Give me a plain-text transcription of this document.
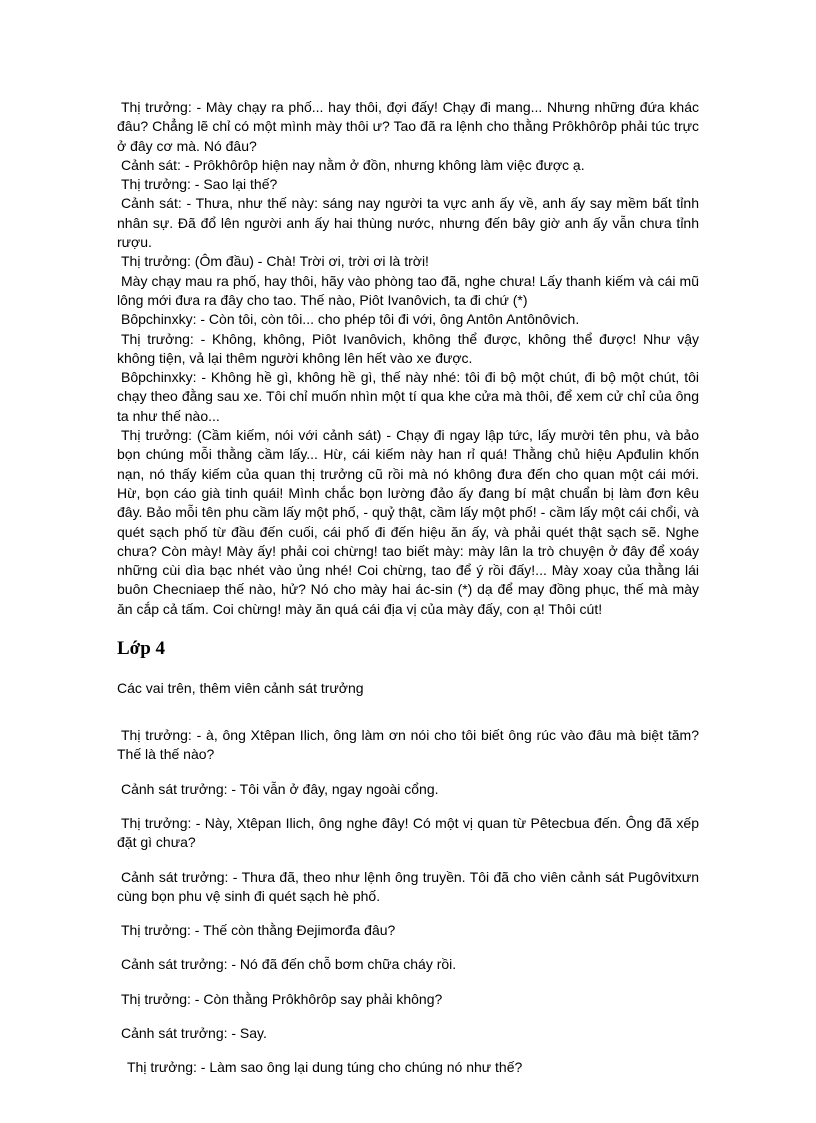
Thị trưởng: - Mày chạy ra phố... hay thôi, đợi đấy! Chạy đi mang... Nhưng những đứa khác đâu? Chẳng lẽ chỉ có một mình mày thôi ư? Tao đã ra lệnh cho thằng Prôkhôrôp phải túc trực ở đây cơ mà. Nó đâu?

Cảnh sát: - Prôkhôrôp hiện nay nằm ở đồn, nhưng không làm việc được ạ.

Thị trưởng: - Sao lại thế?

Cảnh sát: - Thưa, như thế này: sáng nay người ta vực anh ấy về, anh ấy say mềm bất tỉnh nhân sự. Đã đổ lên người anh ấy hai thùng nước, nhưng đến bây giờ anh ấy vẫn chưa tỉnh rượu.

Thị trưởng: (Ôm đầu) - Chà! Trời ơi, trời ơi là trời!

Mày chạy mau ra phố, hay thôi, hãy vào phòng tao đã, nghe chưa! Lấy thanh kiếm và cái mũ lông mới đưa ra đây cho tao. Thế nào, Piôt Ivanôvich, ta đi chứ (*)

Bôpchinxky: - Còn tôi, còn tôi... cho phép tôi đi với, ông Antôn Antônôvich.

Thị trưởng: - Không, không, Piôt Ivanôvich, không thể được, không thể được! Như vậy không tiện, vả lại thêm người không lên hết vào xe được.

Bôpchinxky: - Không hề gì, không hề gì, thế này nhé: tôi đi bộ một chút, đi bộ một chút, tôi chạy theo đằng sau xe. Tôi chỉ muốn nhìn một tí qua khe cửa mà thôi, để xem cử chỉ của ông ta như thế nào...

Thị trưởng: (Cầm kiếm, nói với cảnh sát) - Chạy đi ngay lập tức, lấy mười tên phu, và bảo bọn chúng mỗi thằng cầm lấy... Hừ, cái kiếm này han rỉ quá! Thằng chủ hiệu Apđulin khốn nạn, nó thấy kiếm của quan thị trưởng cũ rồi mà nó không đưa đến cho quan một cái mới. Hừ, bọn cáo già tinh quái! Mình chắc bọn lường đảo ấy đang bí mật chuẩn bị làm đơn kêu đây. Bảo mỗi tên phu cầm lấy một phố, - quỷ thật, cầm lấy một phố! - cầm lấy một cái chổi, và quét sạch phố từ đầu đến cuối, cái phố đi đến hiệu ăn ấy, và phải quét thật sạch sẽ. Nghe chưa? Còn mày! Mày ấy! phải coi chừng! tao biết mày: mày lân la trò chuyện ở đây để xoáy những cùi dìa bạc nhét vào ủng nhé! Coi chừng, tao để ý rồi đấy!... Mày xoay của thằng lái buôn Checniaep thế nào, hử? Nó cho mày hai ác-sin (*) dạ để may đồng phục, thế mà mày ăn cắp cả tấm. Coi chừng! mày ăn quá cái địa vị của mày đấy, con ạ! Thôi cút!

Lớp 4

Các vai trên, thêm viên cảnh sát trưởng

Thị trưởng: - à, ông Xtêpan Ilich, ông làm ơn nói cho tôi biết ông rúc vào đâu mà biệt tăm? Thế là thế nào?

Cảnh sát trưởng: - Tôi vẫn ở đây, ngay ngoài cổng.

Thị trưởng: - Này, Xtêpan Ilich, ông nghe đây! Có một vị quan từ Pêtecbua đến. Ông đã xếp đặt gì chưa?

Cảnh sát trưởng: - Thưa đã, theo như lệnh ông truyền. Tôi đã cho viên cảnh sát Pugôvitxưn cùng bọn phu vệ sinh đi quét sạch hè phố.

Thị trưởng: - Thế còn thằng Đejimorđa đâu?

Cảnh sát trưởng: - Nó đã đến chỗ bơm chữa cháy rồi.

Thị trưởng: - Còn thằng Prôkhôrôp say phải không?

Cảnh sát trưởng: - Say.

Thị trưởng: - Làm sao ông lại dung túng cho chúng nó như thế?
